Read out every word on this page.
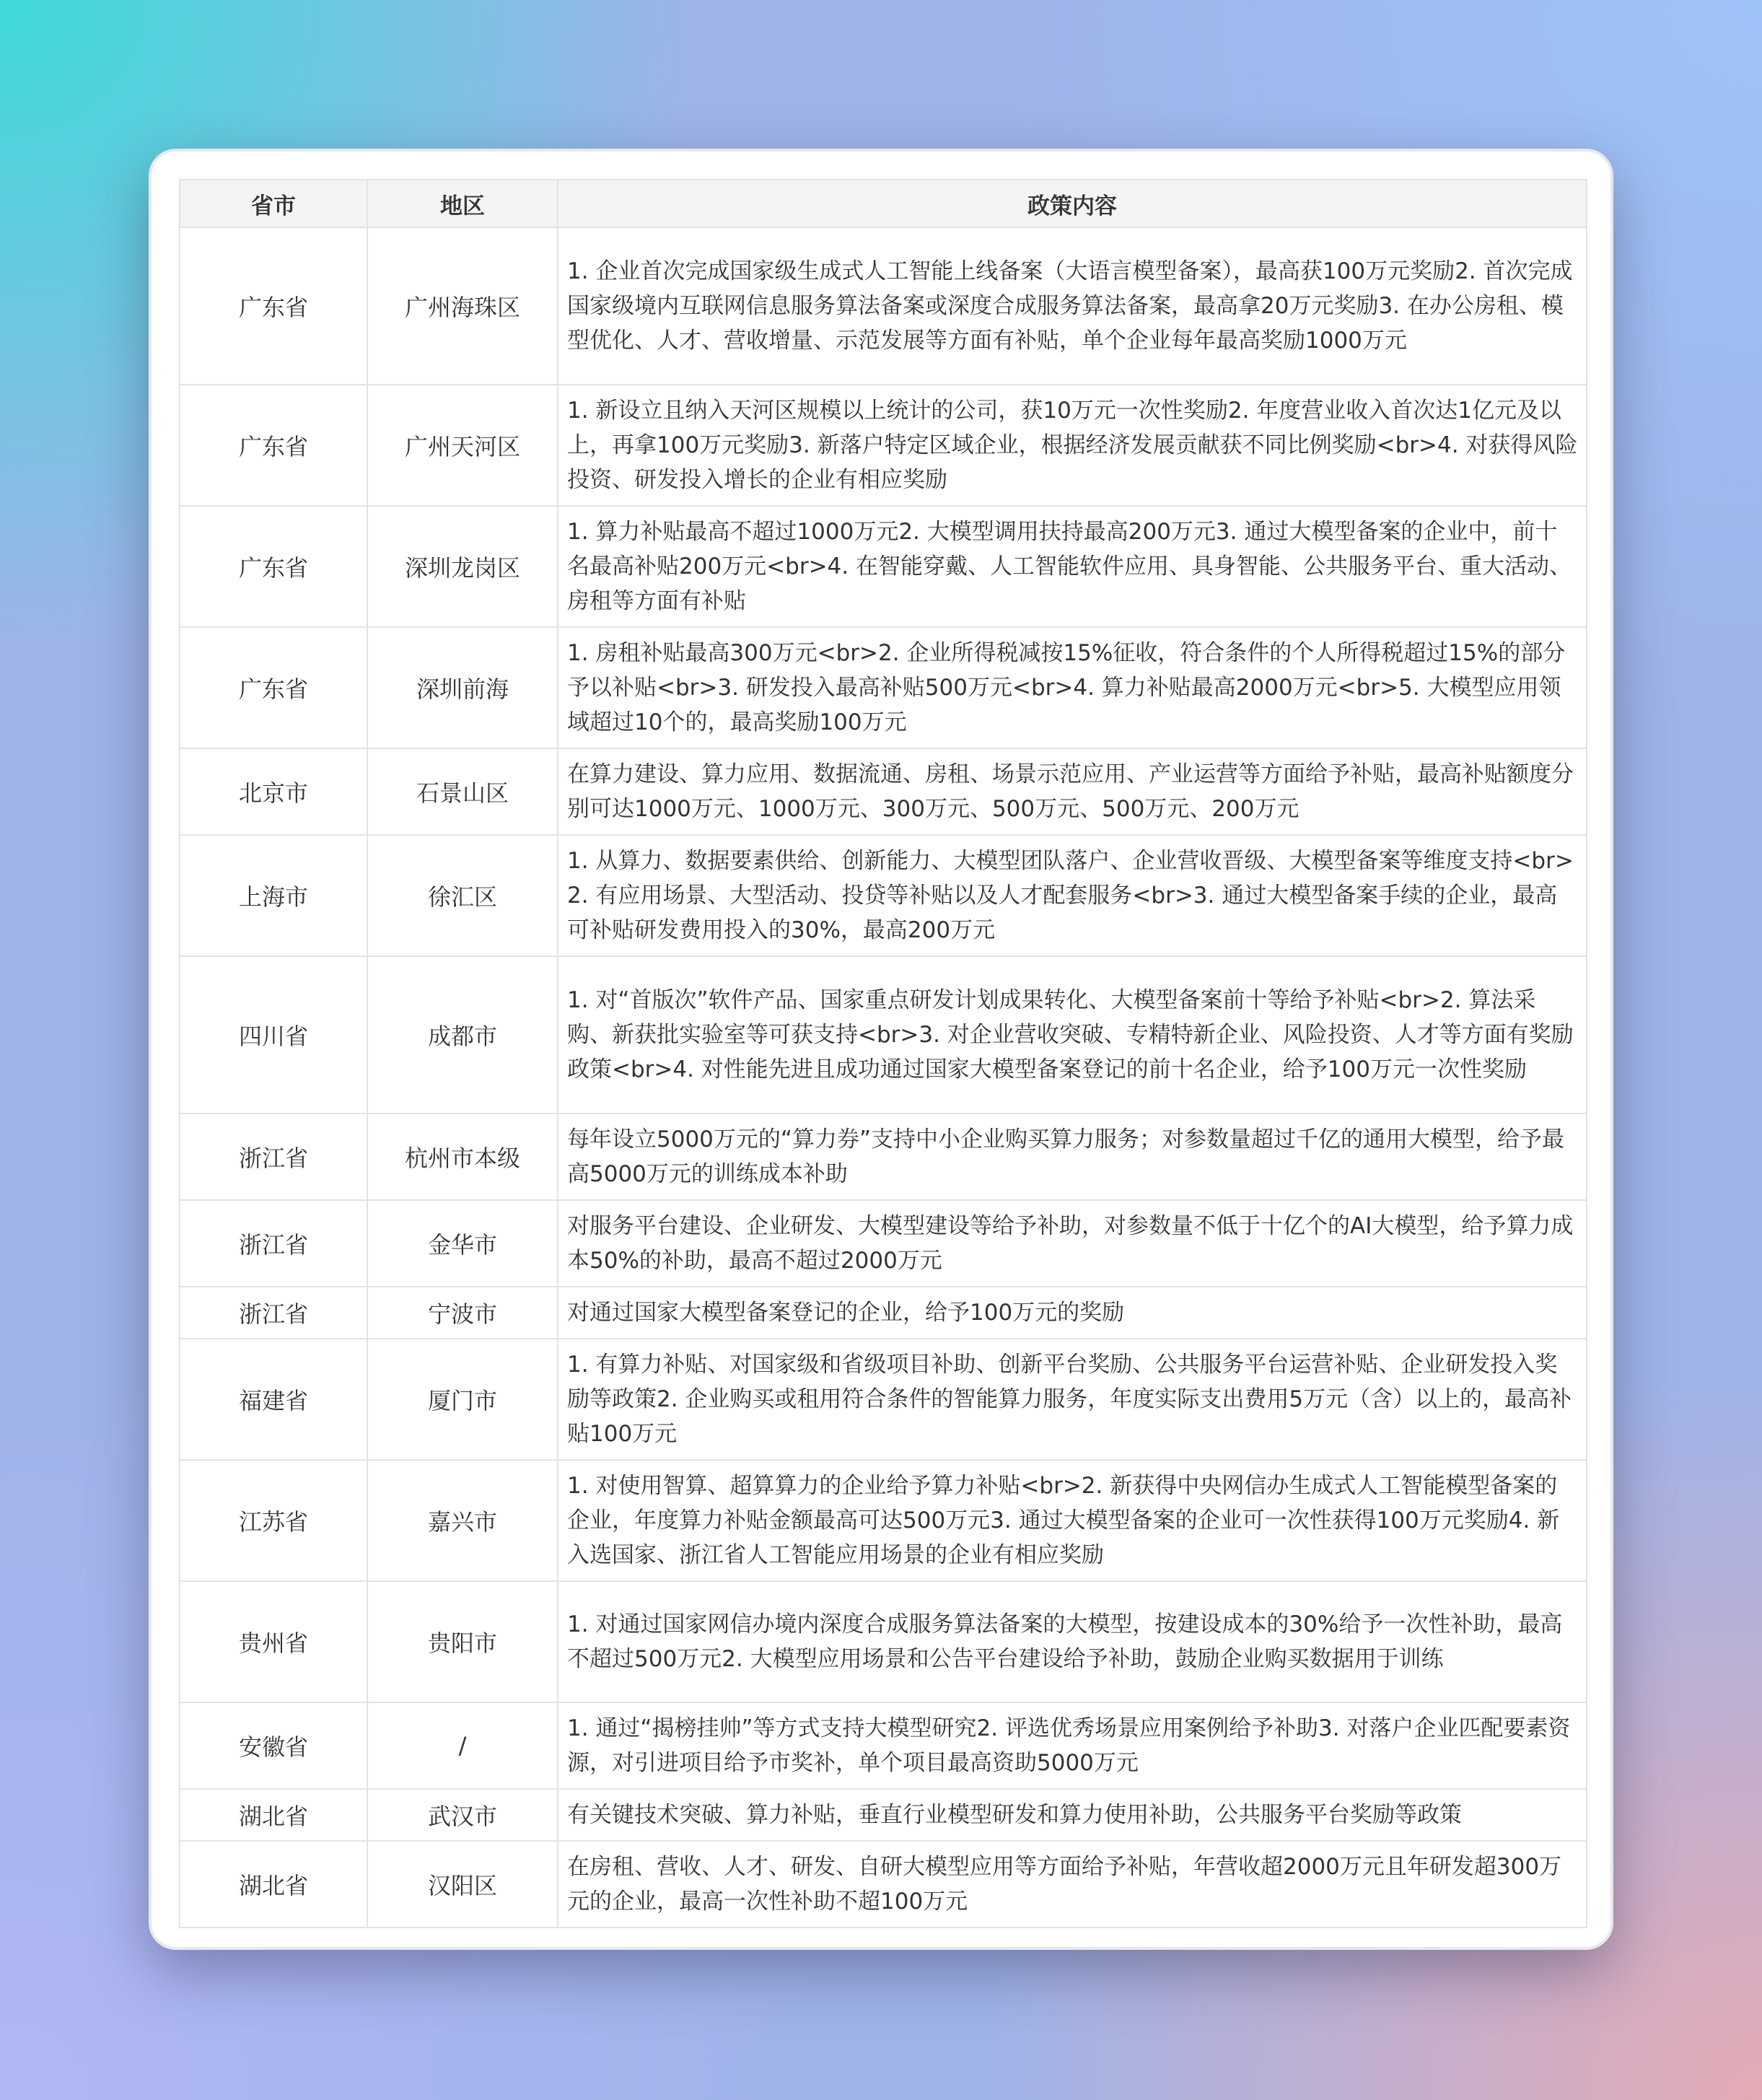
省市	地区	政策内容
广东省	广州海珠区	1. 企业首次完成国家级生成式人工智能上线备案（大语言模型备案），最高获100万元奖励2. 首次完成国家级境内互联网信息服务算法备案或深度合成服务算法备案，最高拿20万元奖励3. 在办公房租、模型优化、人才、营收增量、示范发展等方面有补贴，单个企业每年最高奖励1000万元
广东省	广州天河区	1. 新设立且纳入天河区规模以上统计的公司，获10万元一次性奖励2. 年度营业收入首次达1亿元及以上，再拿100万元奖励3. 新落户特定区域企业，根据经济发展贡献获不同比例奖励<br>4. 对获得风险投资、研发投入增长的企业有相应奖励
广东省	深圳龙岗区	1. 算力补贴最高不超过1000万元2. 大模型调用扶持最高200万元3. 通过大模型备案的企业中，前十名最高补贴200万元<br>4. 在智能穿戴、人工智能软件应用、具身智能、公共服务平台、重大活动、房租等方面有补贴
广东省	深圳前海	1. 房租补贴最高300万元<br>2. 企业所得税减按15%征收，符合条件的个人所得税超过15%的部分予以补贴<br>3. 研发投入最高补贴500万元<br>4. 算力补贴最高2000万元<br>5. 大模型应用领域超过10个的，最高奖励100万元
北京市	石景山区	在算力建设、算力应用、数据流通、房租、场景示范应用、产业运营等方面给予补贴，最高补贴额度分别可达1000万元、1000万元、300万元、500万元、500万元、200万元
上海市	徐汇区	1. 从算力、数据要素供给、创新能力、大模型团队落户、企业营收晋级、大模型备案等维度支持<br>2. 有应用场景、大型活动、投贷等补贴以及人才配套服务<br>3. 通过大模型备案手续的企业，最高可补贴研发费用投入的30%，最高200万元
四川省	成都市	1. 对“首版次”软件产品、国家重点研发计划成果转化、大模型备案前十等给予补贴<br>2. 算法采购、新获批实验室等可获支持<br>3. 对企业营收突破、专精特新企业、风险投资、人才等方面有奖励政策<br>4. 对性能先进且成功通过国家大模型备案登记的前十名企业，给予100万元一次性奖励
浙江省	杭州市本级	每年设立5000万元的“算力券”支持中小企业购买算力服务；对参数量超过千亿的通用大模型，给予最高5000万元的训练成本补助
浙江省	金华市	对服务平台建设、企业研发、大模型建设等给予补助，对参数量不低于十亿个的AI大模型，给予算力成本50%的补助，最高不超过2000万元
浙江省	宁波市	对通过国家大模型备案登记的企业，给予100万元的奖励
福建省	厦门市	1. 有算力补贴、对国家级和省级项目补助、创新平台奖励、公共服务平台运营补贴、企业研发投入奖励等政策2. 企业购买或租用符合条件的智能算力服务，年度实际支出费用5万元（含）以上的，最高补贴100万元
江苏省	嘉兴市	1. 对使用智算、超算算力的企业给予算力补贴<br>2. 新获得中央网信办生成式人工智能模型备案的企业，年度算力补贴金额最高可达500万元3. 通过大模型备案的企业可一次性获得100万元奖励4. 新入选国家、浙江省人工智能应用场景的企业有相应奖励
贵州省	贵阳市	1. 对通过国家网信办境内深度合成服务算法备案的大模型，按建设成本的30%给予一次性补助，最高不超过500万元2. 大模型应用场景和公告平台建设给予补助，鼓励企业购买数据用于训练
安徽省	/	1. 通过“揭榜挂帅”等方式支持大模型研究2. 评选优秀场景应用案例给予补助3. 对落户企业匹配要素资源，对引进项目给予市奖补，单个项目最高资助5000万元
湖北省	武汉市	有关键技术突破、算力补贴，垂直行业模型研发和算力使用补助，公共服务平台奖励等政策
湖北省	汉阳区	在房租、营收、人才、研发、自研大模型应用等方面给予补贴，年营收超2000万元且年研发超300万元的企业，最高一次性补助不超100万元
